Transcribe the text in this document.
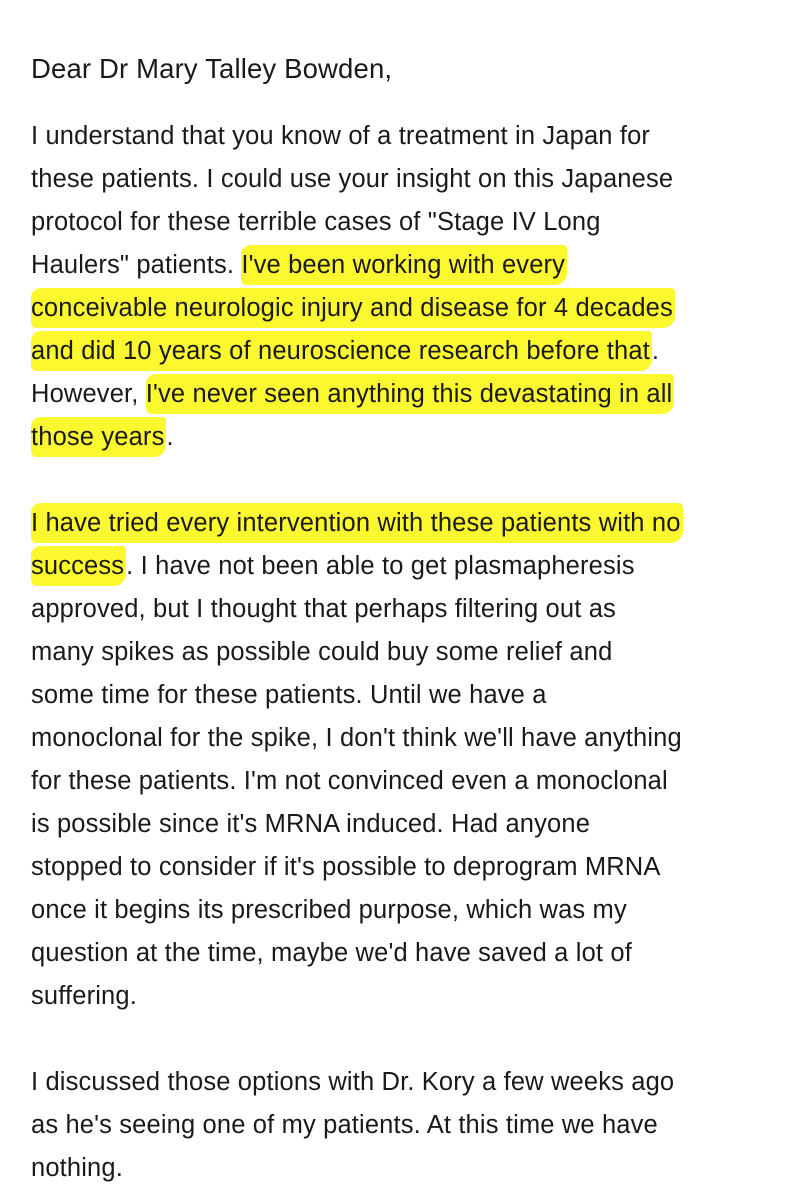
Dear Dr Mary Talley Bowden,
I understand that you know of a treatment in Japan for
these patients. I could use your insight on this Japanese
protocol for these terrible cases of "Stage IV Long
Haulers" patients. I've been working with every
conceivable neurologic injury and disease for 4 decades
and did 10 years of neuroscience research before that.
However, I've never seen anything this devastating in all
those years.
I have tried every intervention with these patients with no
success. I have not been able to get plasmapheresis
approved, but I thought that perhaps filtering out as
many spikes as possible could buy some relief and
some time for these patients. Until we have a
monoclonal for the spike, I don't think we'll have anything
for these patients. I'm not convinced even a monoclonal
is possible since it's MRNA induced. Had anyone
stopped to consider if it's possible to deprogram MRNA
once it begins its prescribed purpose, which was my
question at the time, maybe we'd have saved a lot of
suffering.
I discussed those options with Dr. Kory a few weeks ago
as he's seeing one of my patients. At this time we have
nothing.
